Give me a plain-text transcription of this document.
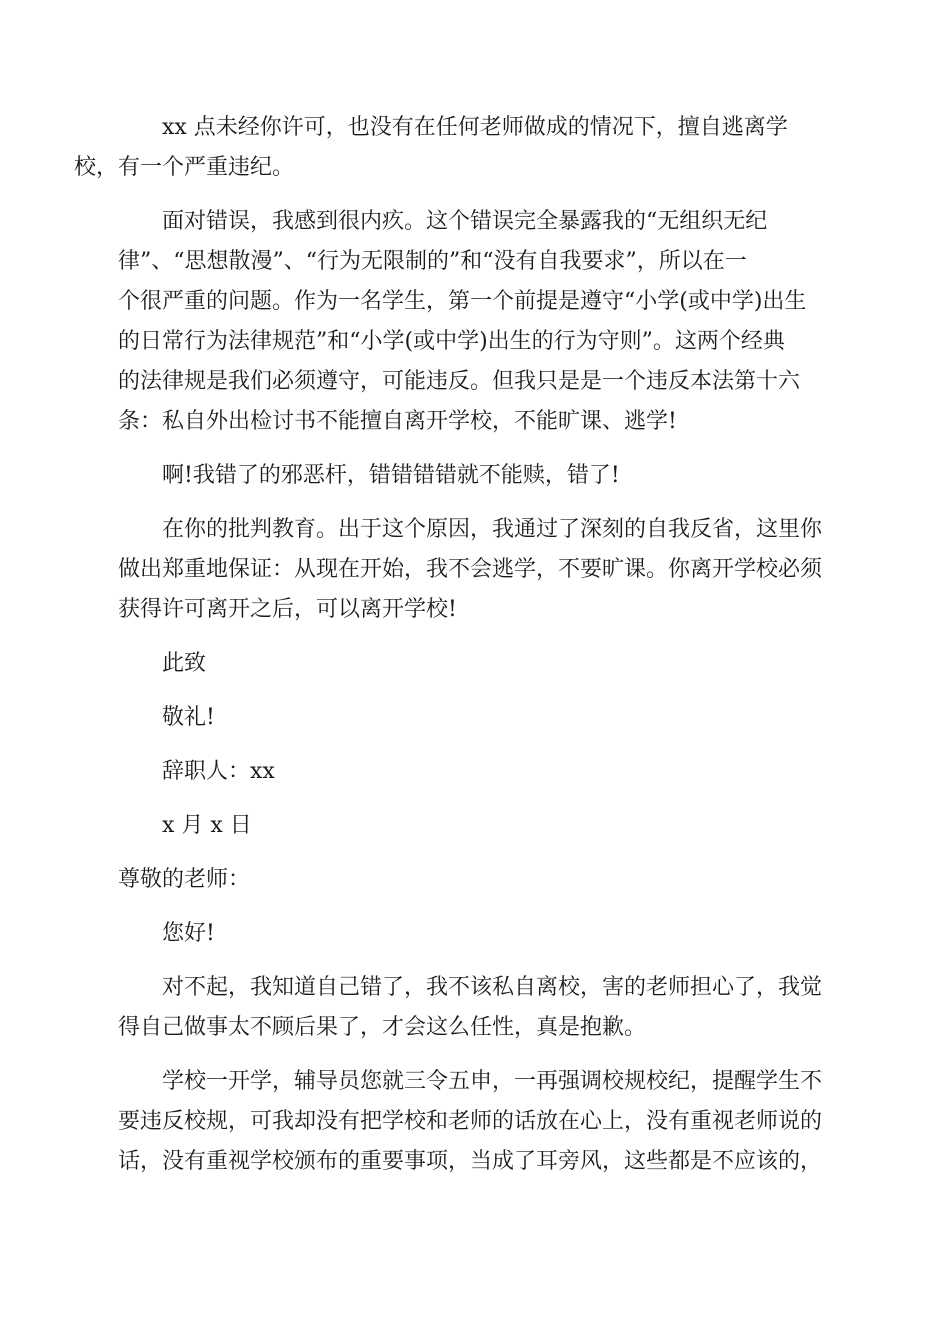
xx 点未经你许可，也没有在任何老师做成的情况下，擅自逃离学
校，有一个严重违纪。

面对错误，我感到很内疚。这个错误完全暴露我的“无组织无纪
律”、“思想散漫”、“行为无限制的”和“没有自我要求”，所以在一
个很严重的问题。作为一名学生，第一个前提是遵守“小学(或中学)出生
的日常行为法律规范”和“小学(或中学)出生的行为守则”。这两个经典
的法律规是我们必须遵守，可能违反。但我只是是一个违反本法第十六
条：私自外出检讨书不能擅自离开学校，不能旷课、逃学!

啊!我错了的邪恶杆，错错错错就不能赎，错了!

在你的批判教育。出于这个原因，我通过了深刻的自我反省，这里你
做出郑重地保证：从现在开始，我不会逃学，不要旷课。你离开学校必须
获得许可离开之后，可以离开学校!

此致

敬礼!

辞职人：xx

x 月 x 日

尊敬的老师：

您好!

对不起，我知道自己错了，我不该私自离校，害的老师担心了，我觉
得自己做事太不顾后果了，才会这么任性，真是抱歉。

学校一开学，辅导员您就三令五申，一再强调校规校纪，提醒学生不
要违反校规，可我却没有把学校和老师的话放在心上，没有重视老师说的
话，没有重视学校颁布的重要事项，当成了耳旁风，这些都是不应该的，
